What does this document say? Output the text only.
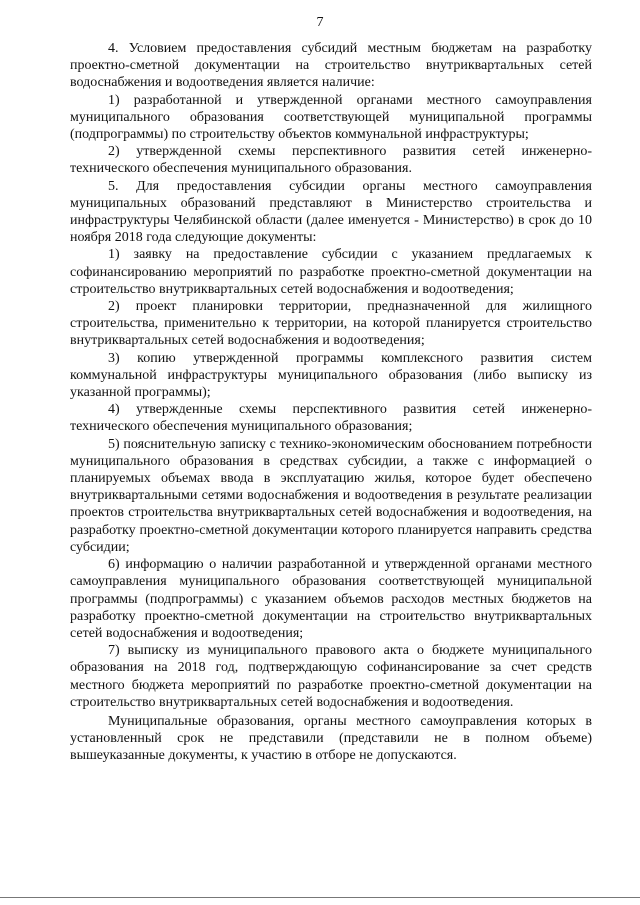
7

4. Условием предоставления субсидий местным бюджетам на разработку проектно-сметной документации на строительство внутриквартальных сетей водоснабжения и водоотведения является наличие:

1) разработанной и утвержденной органами местного самоуправления муниципального образования соответствующей муниципальной программы (подпрограммы) по строительству объектов коммунальной инфраструктуры;

2) утвержденной схемы перспективного развития сетей инженерно-технического обеспечения муниципального образования.

5. Для предоставления субсидии органы местного самоуправления муниципальных образований представляют в Министерство строительства и инфраструктуры Челябинской области (далее именуется - Министерство) в срок до 10 ноября 2018 года следующие документы:

1) заявку на предоставление субсидии с указанием предлагаемых к софинансированию мероприятий по разработке проектно-сметной документации на строительство внутриквартальных сетей водоснабжения и водоотведения;

2) проект планировки территории, предназначенной для жилищного строительства, применительно к территории, на которой планируется строительство внутриквартальных сетей водоснабжения и водоотведения;

3) копию утвержденной программы комплексного развития систем коммунальной инфраструктуры муниципального образования (либо выписку из указанной программы);

4) утвержденные схемы перспективного развития сетей инженерно-технического обеспечения муниципального образования;

5) пояснительную записку с технико-экономическим обоснованием потребности муниципального образования в средствах субсидии, а также с информацией о планируемых объемах ввода в эксплуатацию жилья, которое будет обеспечено внутриквартальными сетями водоснабжения и водоотведения в результате реализации проектов строительства внутриквартальных сетей водоснабжения и водоотведения, на разработку проектно-сметной документации которого планируется направить средства субсидии;

6) информацию о наличии разработанной и утвержденной органами местного самоуправления муниципального образования соответствующей муниципальной программы (подпрограммы) с указанием объемов расходов местных бюджетов на разработку проектно-сметной документации на строительство внутриквартальных сетей водоснабжения и водоотведения;

7) выписку из муниципального правового акта о бюджете муниципального образования на 2018 год, подтверждающую софинансирование за счет средств местного бюджета мероприятий по разработке проектно-сметной документации на строительство внутриквартальных сетей водоснабжения и водоотведения.

Муниципальные образования, органы местного самоуправления которых в установленный срок не представили (представили не в полном объеме) вышеуказанные документы, к участию в отборе не допускаются.
